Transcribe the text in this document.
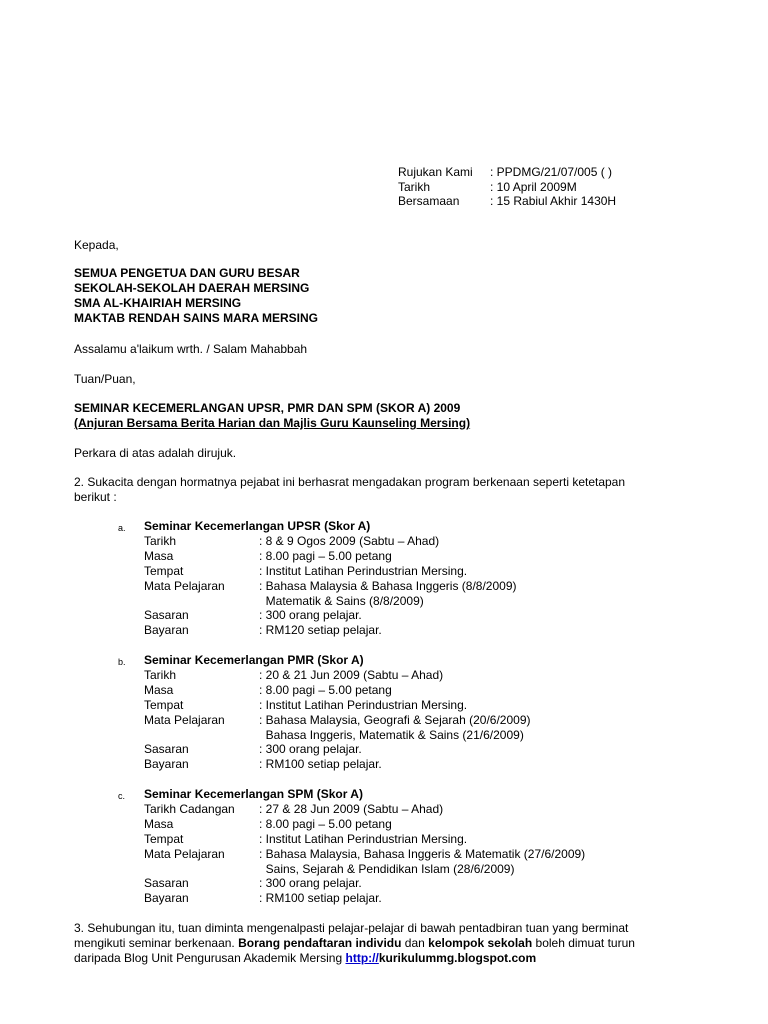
Rujukan Kami	: PPDMG/21/07/005 ( )
Tarikh	: 10 April 2009M
Bersamaan	: 15 Rabiul Akhir 1430H
Kepada,
SEMUA PENGETUA DAN GURU BESAR
SEKOLAH-SEKOLAH DAERAH MERSING
SMA AL-KHAIRIAH MERSING
MAKTAB RENDAH SAINS MARA MERSING
Assalamu a'laikum wrth. / Salam Mahabbah
Tuan/Puan,
SEMINAR KECEMERLANGAN UPSR, PMR DAN SPM (SKOR A) 2009
(Anjuran Bersama Berita Harian dan Majlis Guru Kaunseling Mersing)
Perkara di atas adalah dirujuk.
2. Sukacita dengan hormatnya pejabat ini berhasrat mengadakan program berkenaan seperti ketetapan
berikut :
a. Seminar Kecemerlangan UPSR (Skor A)
Tarikh	: 8 & 9 Ogos 2009 (Sabtu – Ahad)
Masa	: 8.00 pagi – 5.00 petang
Tempat	: Institut Latihan Perindustrian Mersing.
Mata Pelajaran	: Bahasa Malaysia & Bahasa Inggeris (8/8/2009)
Matematik & Sains (8/8/2009)
Sasaran	: 300 orang pelajar.
Bayaran	: RM120 setiap pelajar.
b. Seminar Kecemerlangan PMR (Skor A)
Tarikh	: 20 & 21 Jun 2009 (Sabtu – Ahad)
Masa	: 8.00 pagi – 5.00 petang
Tempat	: Institut Latihan Perindustrian Mersing.
Mata Pelajaran	: Bahasa Malaysia, Geografi & Sejarah (20/6/2009)
Bahasa Inggeris, Matematik & Sains (21/6/2009)
Sasaran	: 300 orang pelajar.
Bayaran	: RM100 setiap pelajar.
c. Seminar Kecemerlangan SPM (Skor A)
Tarikh Cadangan	: 27 & 28 Jun 2009 (Sabtu – Ahad)
Masa	: 8.00 pagi – 5.00 petang
Tempat	: Institut Latihan Perindustrian Mersing.
Mata Pelajaran	: Bahasa Malaysia, Bahasa Inggeris & Matematik (27/6/2009)
Sains, Sejarah & Pendidikan Islam (28/6/2009)
Sasaran	: 300 orang pelajar.
Bayaran	: RM100 setiap pelajar.
3. Sehubungan itu, tuan diminta mengenalpasti pelajar-pelajar di bawah pentadbiran tuan yang berminat
mengikuti seminar berkenaan. Borang pendaftaran individu dan kelompok sekolah boleh dimuat turun
daripada Blog Unit Pengurusan Akademik Mersing http://kurikulummg.blogspot.com
